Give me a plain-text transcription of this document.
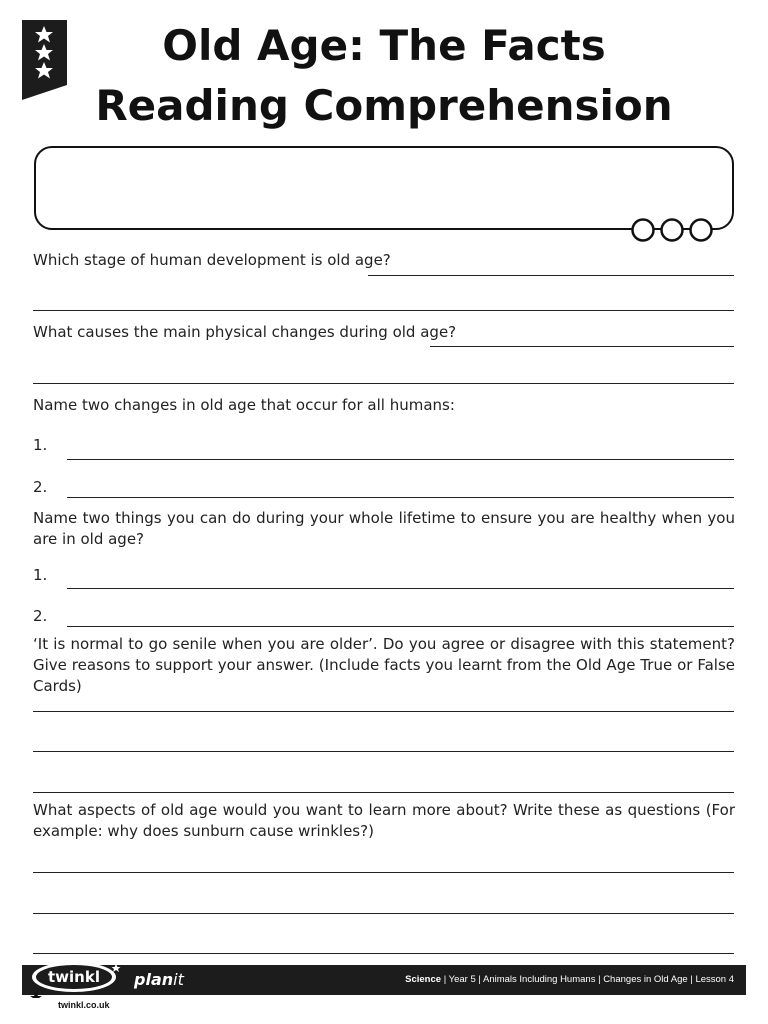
Old Age: The Facts
Reading Comprehension
Which stage of human development is old age?
What causes the main physical changes during old age?
Name two changes in old age that occur for all humans:
1.
2.
Name two things you can do during your whole lifetime to ensure you are healthy when you are in old age?
1.
2.
‘It is normal to go senile when you are older’. Do you agree or disagree with this statement? Give reasons to support your answer. (Include facts you learnt from the Old Age True or False Cards)
What aspects of old age would you want to learn more about? Write these as questions (For example: why does sunburn cause wrinkles?)
twinkl planit	Science | Year 5 | Animals Including Humans | Changes in Old Age | Lesson 4
twinkl.co.uk
